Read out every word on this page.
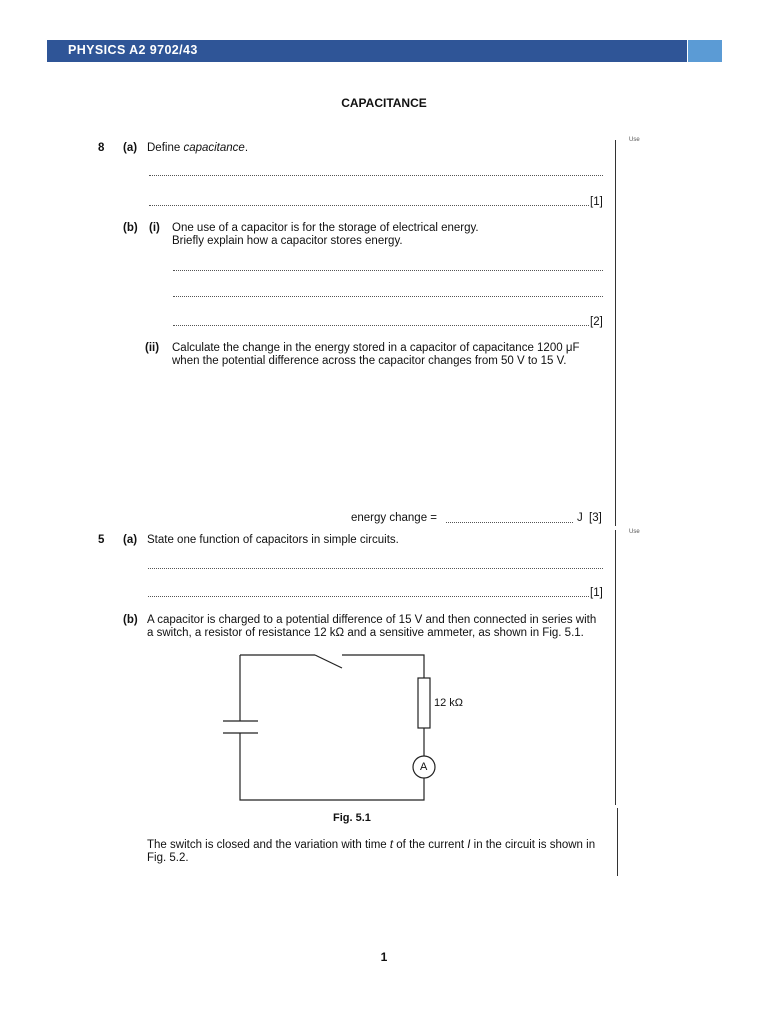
PHYSICS A2 9702/43
CAPACITANCE
Use
Use
8 (a) Define capacitance.
[1]
(b) (i) One use of a capacitor is for the storage of electrical energy.
Briefly explain how a capacitor stores energy.
[2]
(ii) Calculate the change in the energy stored in a capacitor of capacitance 1200 μF
when the potential difference across the capacitor changes from 50 V to 15 V.
energy change =	J [3]
5 (a) State one function of capacitors in simple circuits.
[1]
(b) A capacitor is charged to a potential difference of 15 V and then connected in series with
a switch, a resistor of resistance 12 kΩ and a sensitive ammeter, as shown in Fig. 5.1.
12 kΩ
A
Fig. 5.1
The switch is closed and the variation with time t of the current I in the circuit is shown in
Fig. 5.2.
1
